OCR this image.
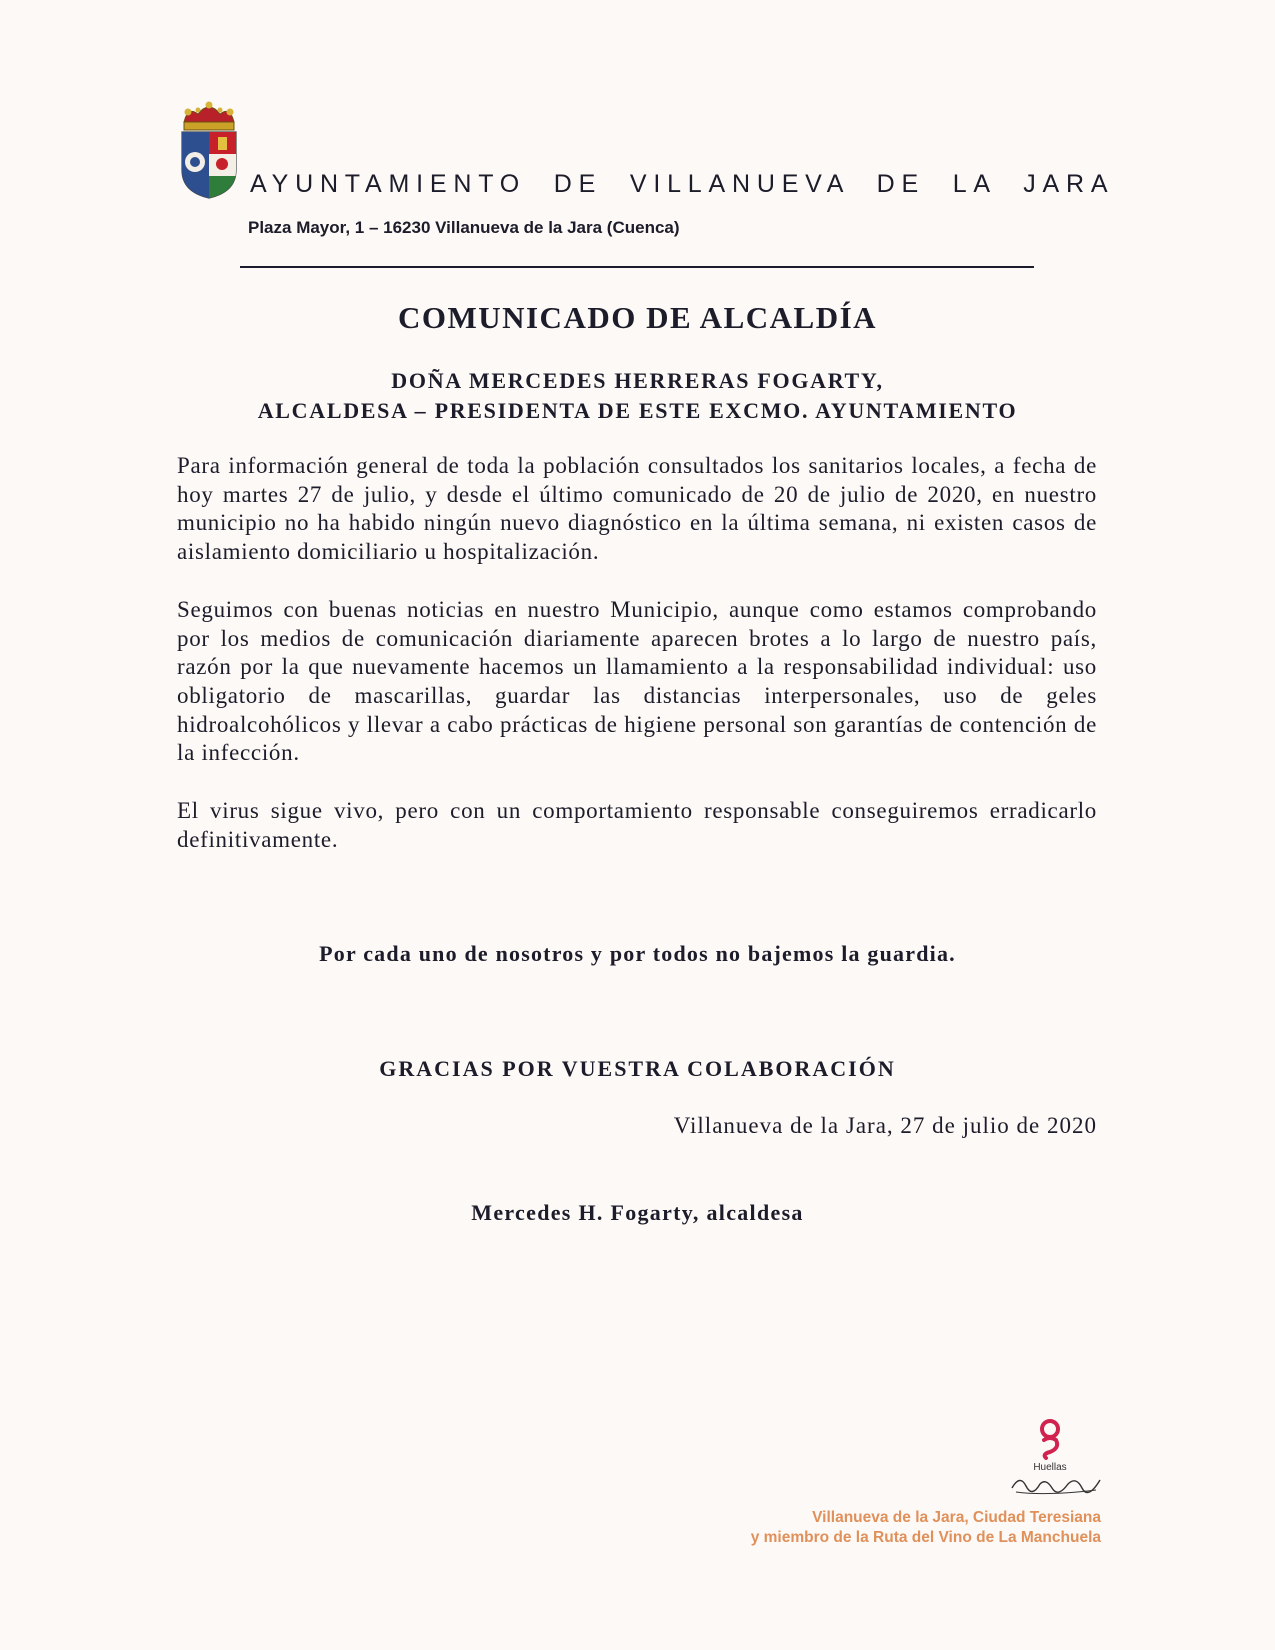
AYUNTAMIENTO DE VILLANUEVA DE LA JARA
Plaza Mayor, 1 – 16230 Villanueva de la Jara (Cuenca)
COMUNICADO DE ALCALDÍA
DOÑA MERCEDES HERRERAS FOGARTY,
ALCALDESA – PRESIDENTA DE ESTE EXCMO. AYUNTAMIENTO

Para información general de toda la población consultados los sanitarios locales, a fecha de hoy martes 27 de julio, y desde el último comunicado de 20 de julio de 2020, en nuestro municipio no ha habido ningún nuevo diagnóstico en la última semana, ni existen casos de aislamiento domiciliario u hospitalización.

Seguimos con buenas noticias en nuestro Municipio, aunque como estamos comprobando por los medios de comunicación diariamente aparecen brotes a lo largo de nuestro país, razón por la que nuevamente hacemos un llamamiento a la responsabilidad individual: uso obligatorio de mascarillas, guardar las distancias interpersonales, uso de geles hidroalcohólicos y llevar a cabo prácticas de higiene personal son garantías de contención de la infección.

El virus sigue vivo, pero con un comportamiento responsable conseguiremos erradicarlo definitivamente.

Por cada uno de nosotros y por todos no bajemos la guardia.
GRACIAS POR VUESTRA COLABORACIÓN
Villanueva de la Jara, 27 de julio de 2020
Mercedes H. Fogarty, alcaldesa
Huellas
Villanueva de la Jara, Ciudad Teresiana
y miembro de la Ruta del Vino de La Manchuela
